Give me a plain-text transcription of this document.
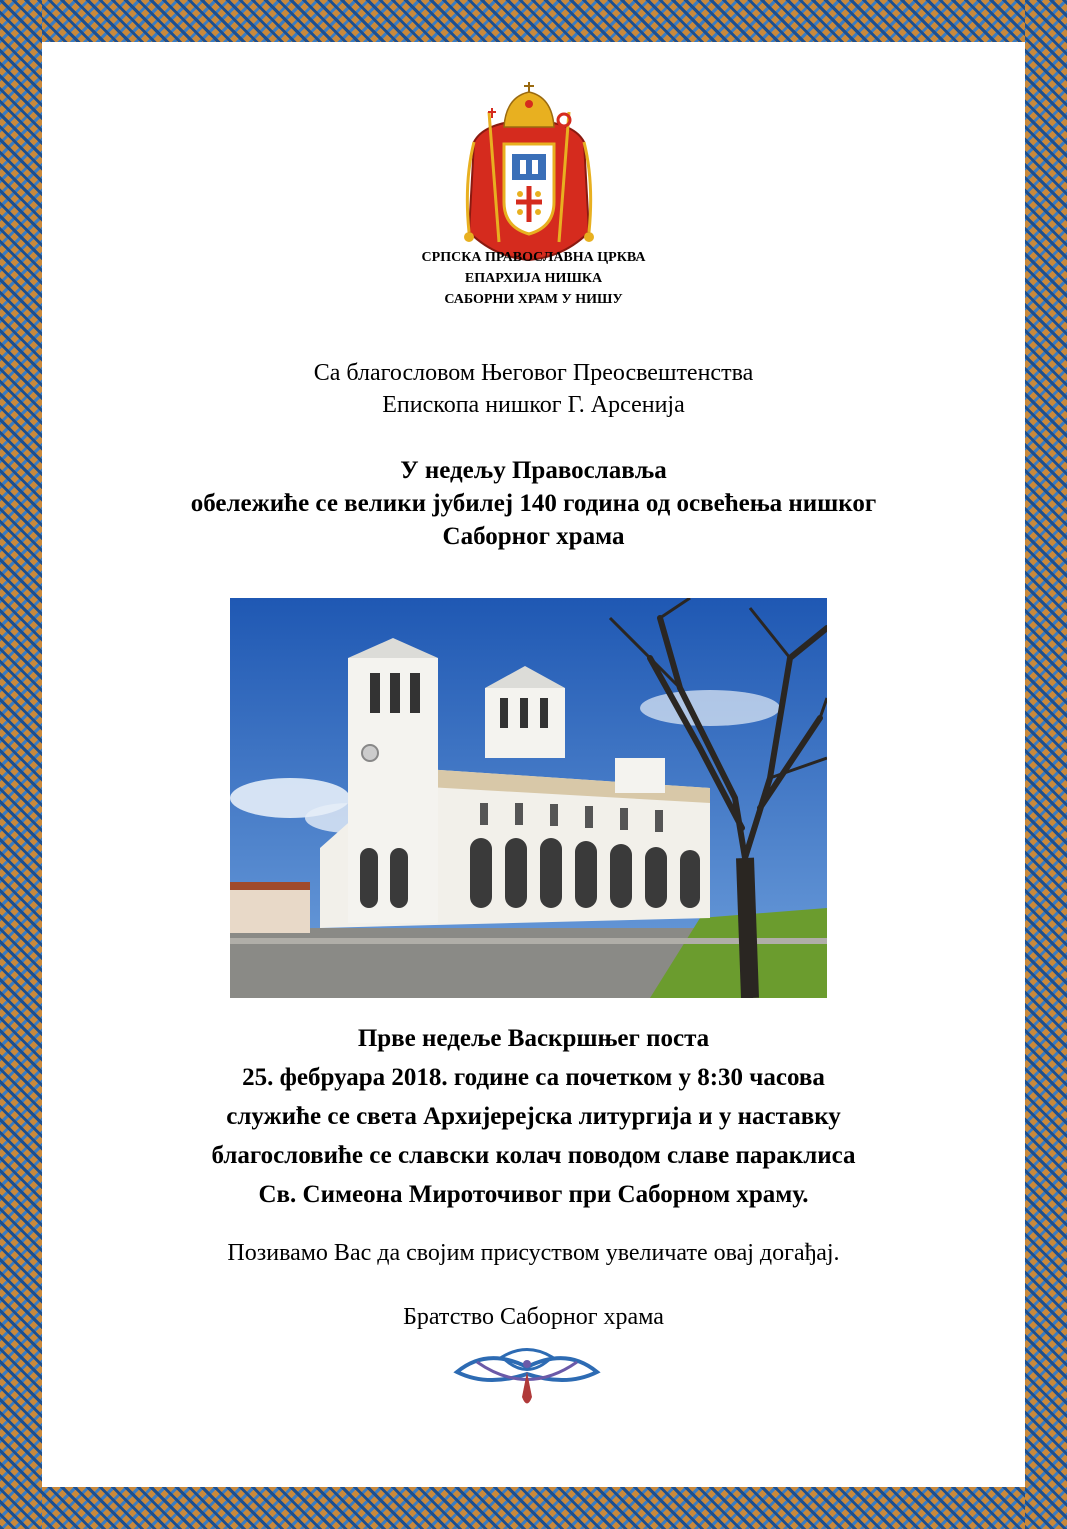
СРПСКА ПРАВОСЛАВНА ЦРКВА
ЕПАРХИЈА НИШКА
САБОРНИ ХРАМ У НИШУ
Са благословом Његовог Преосвештенства
Епископа нишког Г. Арсенија
У недељу Православља
обележиће се велики јубилеј 140 година од освећења нишког
Саборног храма
Прве недеље Васкршњег поста
25. фебруара 2018. године са почетком у 8:30 часова
служиће се света Архијерејска литургија и у наставку
благословиће се славски колач поводом славе параклиса
Св. Симеона Мироточивог при Саборном храму.
Позивамо Вас да својим присуством увеличате овај догађај.
Братство Саборног храма
